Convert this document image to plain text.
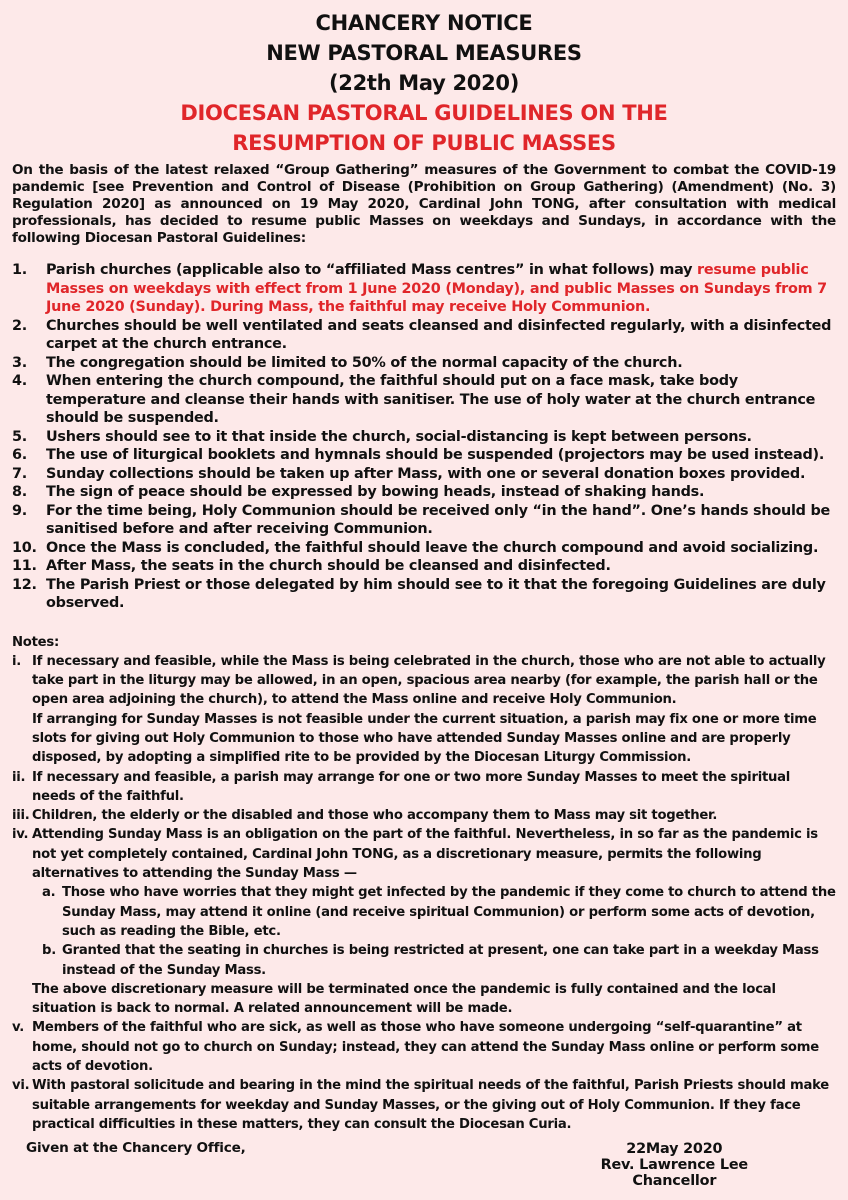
CHANCERY NOTICE
NEW PASTORAL MEASURES
(22th May 2020)
DIOCESAN PASTORAL GUIDELINES ON THE
RESUMPTION OF PUBLIC MASSES
On the basis of the latest relaxed “Group Gathering” measures of the Government to combat the COVID-19 pandemic [see Prevention and Control of Disease (Prohibition on Group Gathering) (Amendment) (No. 3) Regulation 2020] as announced on 19 May 2020, Cardinal John TONG, after consultation with medical professionals, has decided to resume public Masses on weekdays and Sundays, in accordance with the following Diocesan Pastoral Guidelines:
1. Parish churches (applicable also to “affiliated Mass centres” in what follows) may resume public Masses on weekdays with effect from 1 June 2020 (Monday), and public Masses on Sundays from 7 June 2020 (Sunday). During Mass, the faithful may receive Holy Communion.
2. Churches should be well ventilated and seats cleansed and disinfected regularly, with a disinfected carpet at the church entrance.
3. The congregation should be limited to 50% of the normal capacity of the church.
4. When entering the church compound, the faithful should put on a face mask, take body temperature and cleanse their hands with sanitiser. The use of holy water at the church entrance should be suspended.
5. Ushers should see to it that inside the church, social-distancing is kept between persons.
6. The use of liturgical booklets and hymnals should be suspended (projectors may be used instead).
7. Sunday collections should be taken up after Mass, with one or several donation boxes provided.
8. The sign of peace should be expressed by bowing heads, instead of shaking hands.
9. For the time being, Holy Communion should be received only “in the hand”. One’s hands should be sanitised before and after receiving Communion.
10. Once the Mass is concluded, the faithful should leave the church compound and avoid socializing.
11. After Mass, the seats in the church should be cleansed and disinfected.
12. The Parish Priest or those delegated by him should see to it that the foregoing Guidelines are duly observed.
Notes:
i. If necessary and feasible, while the Mass is being celebrated in the church, those who are not able to actually take part in the liturgy may be allowed, in an open, spacious area nearby (for example, the parish hall or the open area adjoining the church), to attend the Mass online and receive Holy Communion.

If arranging for Sunday Masses is not feasible under the current situation, a parish may fix one or more time slots for giving out Holy Communion to those who have attended Sunday Masses online and are properly disposed, by adopting a simplified rite to be provided by the Diocesan Liturgy Commission.

ii. If necessary and feasible, a parish may arrange for one or two more Sunday Masses to meet the spiritual needs of the faithful.

iii. Children, the elderly or the disabled and those who accompany them to Mass may sit together.

iv. Attending Sunday Mass is an obligation on the part of the faithful. Nevertheless, in so far as the pandemic is not yet completely contained, Cardinal John TONG, as a discretionary measure, permits the following alternatives to attending the Sunday Mass —

a. Those who have worries that they might get infected by the pandemic if they come to church to attend the Sunday Mass, may attend it online (and receive spiritual Communion) or perform some acts of devotion, such as reading the Bible, etc.

b. Granted that the seating in churches is being restricted at present, one can take part in a weekday Mass instead of the Sunday Mass.

The above discretionary measure will be terminated once the pandemic is fully contained and the local situation is back to normal. A related announcement will be made.

v. Members of the faithful who are sick, as well as those who have someone undergoing “self-quarantine” at home, should not go to church on Sunday; instead, they can attend the Sunday Mass online or perform some acts of devotion.

vi. With pastoral solicitude and bearing in the mind the spiritual needs of the faithful, Parish Priests should make suitable arrangements for weekday and Sunday Masses, or the giving out of Holy Communion. If they face practical difficulties in these matters, they can consult the Diocesan Curia.

Given at the Chancery Office,	22May 2020
Rev. Lawrence Lee
Chancellor
